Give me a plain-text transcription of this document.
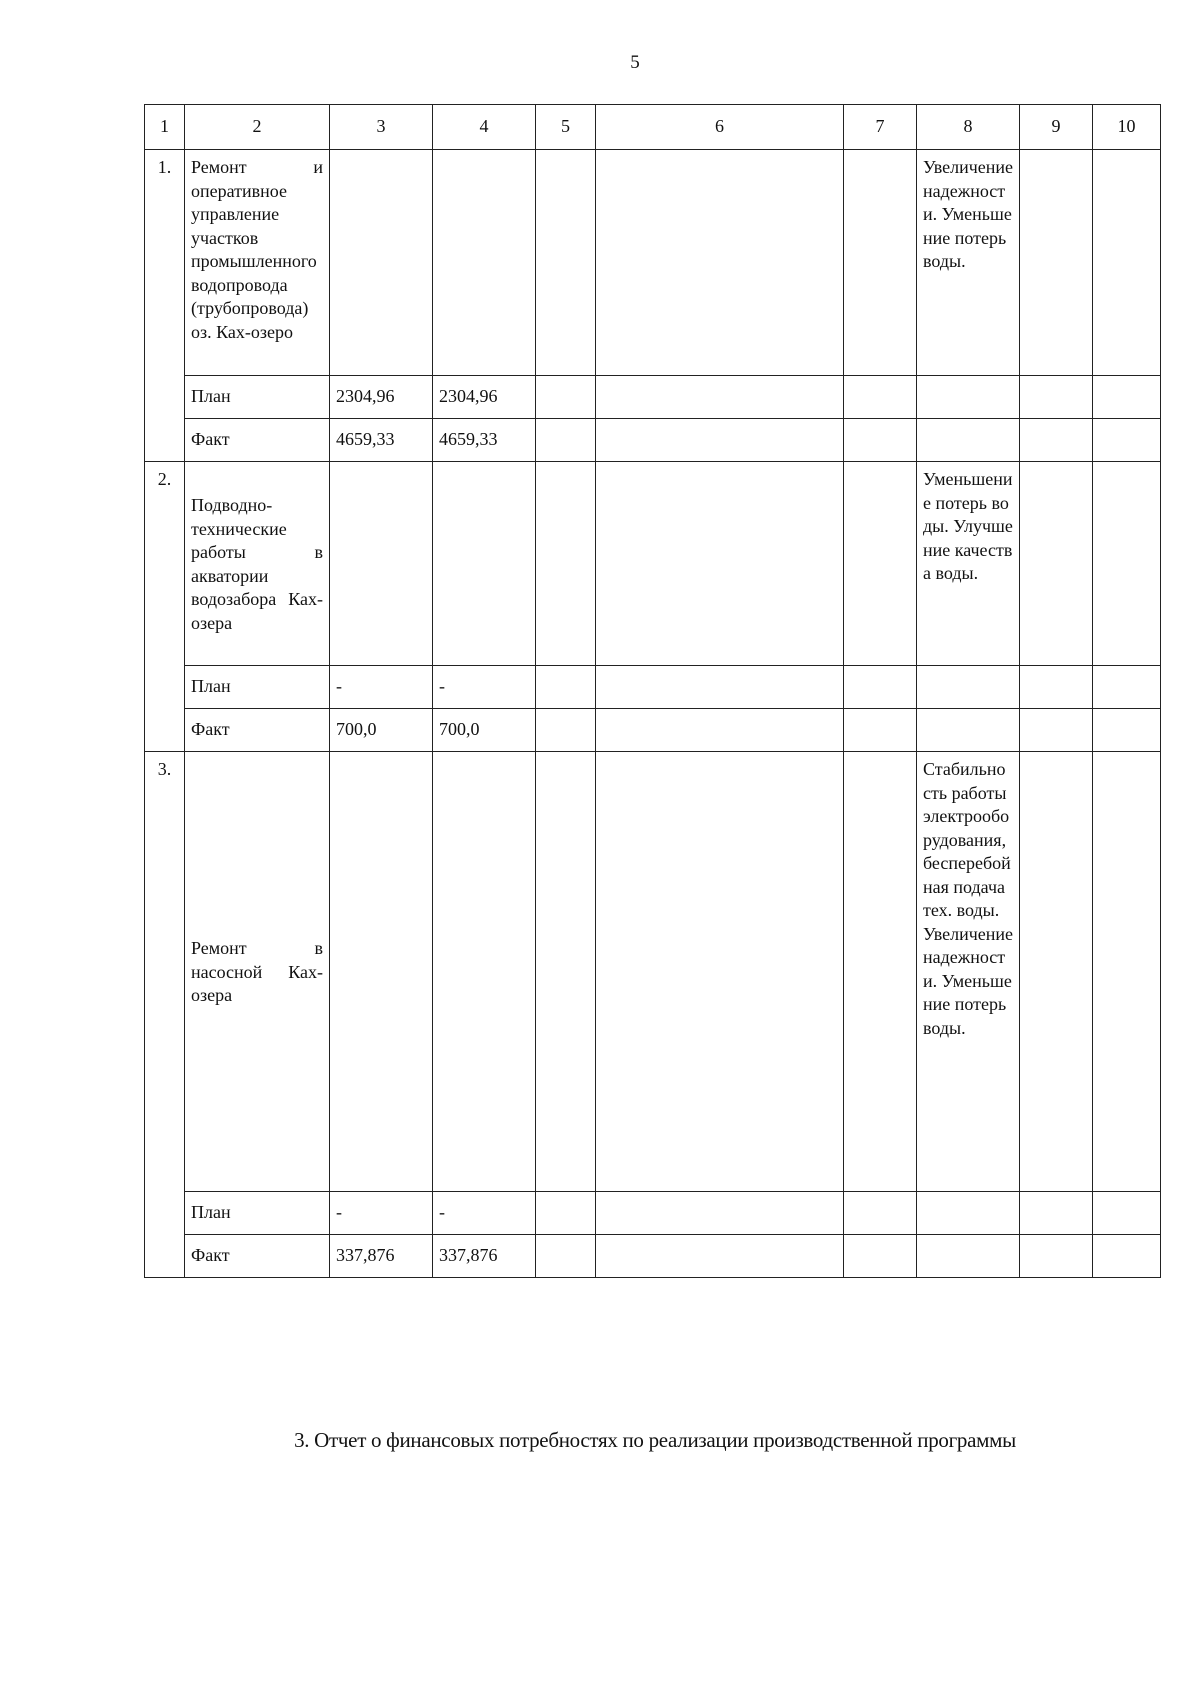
5
1	2	3	4	5	6	7	8	9	10
1.	Ремонт и оперативное управление участков промышленного водопровода (трубопровода) оз. Ках-озеро						Увеличение надежности. Уменьшение потерь воды.		
	План	2304,96	2304,96						
	Факт	4659,33	4659,33						
2.	Подводно-технические работы в акватории водозабора Ках-озера						Уменьшение потерь воды. Улучшение качества воды.		
	План	-	-						
	Факт	700,0	700,0						
3.	Ремонт в насосной Ках-озера						Стабильность работы электрооборудования, бесперебойная подача тех. воды. Увеличение надежности. Уменьшение потерь воды.		
	План	-	-						
	Факт	337,876	337,876						
3. Отчет о финансовых потребностях по реализации производственной программы
